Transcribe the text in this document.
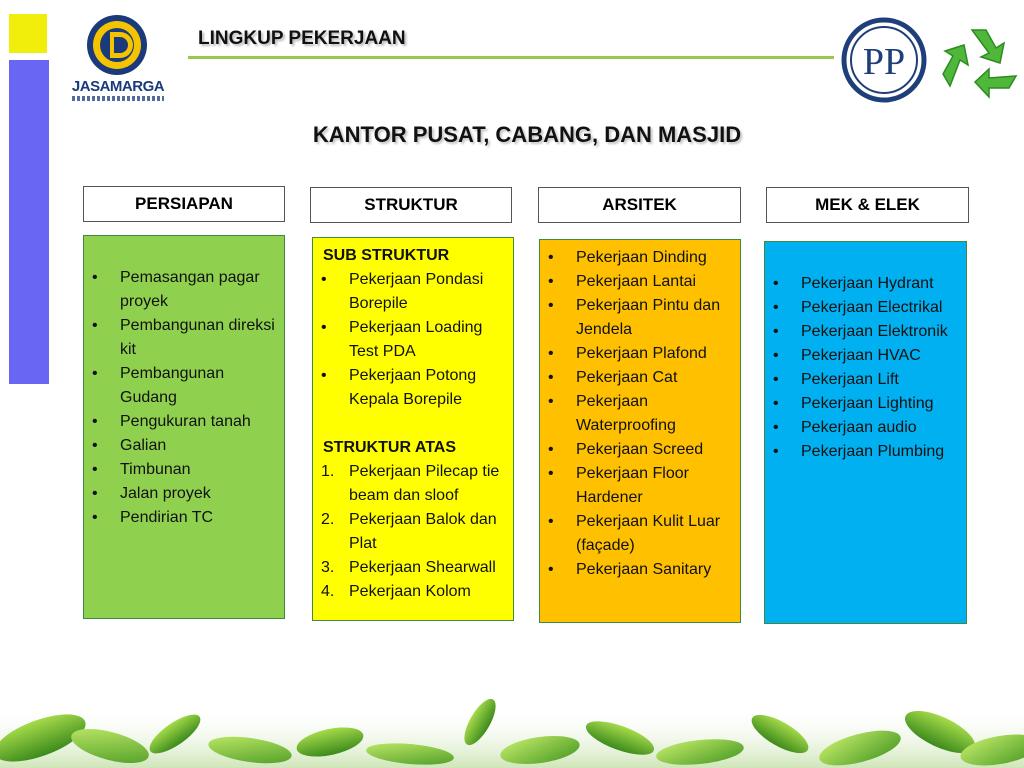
JASAMARGA
LINGKUP PEKERJAAN
PP
KANTOR PUSAT, CABANG, DAN MASJID
PERSIAPAN	STRUKTUR	ARSITEK	MEK & ELEK
•	Pemasangan pagar proyek
•	Pembangunan direksi kit
•	Pembangunan Gudang
•	Pengukuran tanah
•	Galian
•	Timbunan
•	Jalan proyek
•	Pendirian TC
SUB STRUKTUR
•	Pekerjaan Pondasi Borepile
•	Pekerjaan Loading Test PDA
•	Pekerjaan Potong Kepala Borepile
STRUKTUR ATAS
1. Pekerjaan Pilecap tie beam dan sloof
2. Pekerjaan Balok dan Plat
3. Pekerjaan Shearwall
4. Pekerjaan Kolom
•	Pekerjaan Dinding
•	Pekerjaan Lantai
•	Pekerjaan Pintu dan Jendela
•	Pekerjaan Plafond
•	Pekerjaan Cat
•	Pekerjaan Waterproofing
•	Pekerjaan Screed
•	Pekerjaan Floor Hardener
•	Pekerjaan Kulit Luar (façade)
•	Pekerjaan Sanitary
•	Pekerjaan Hydrant
•	Pekerjaan Electrikal
•	Pekerjaan Elektronik
•	Pekerjaan HVAC
•	Pekerjaan Lift
•	Pekerjaan Lighting
•	Pekerjaan audio
•	Pekerjaan Plumbing
